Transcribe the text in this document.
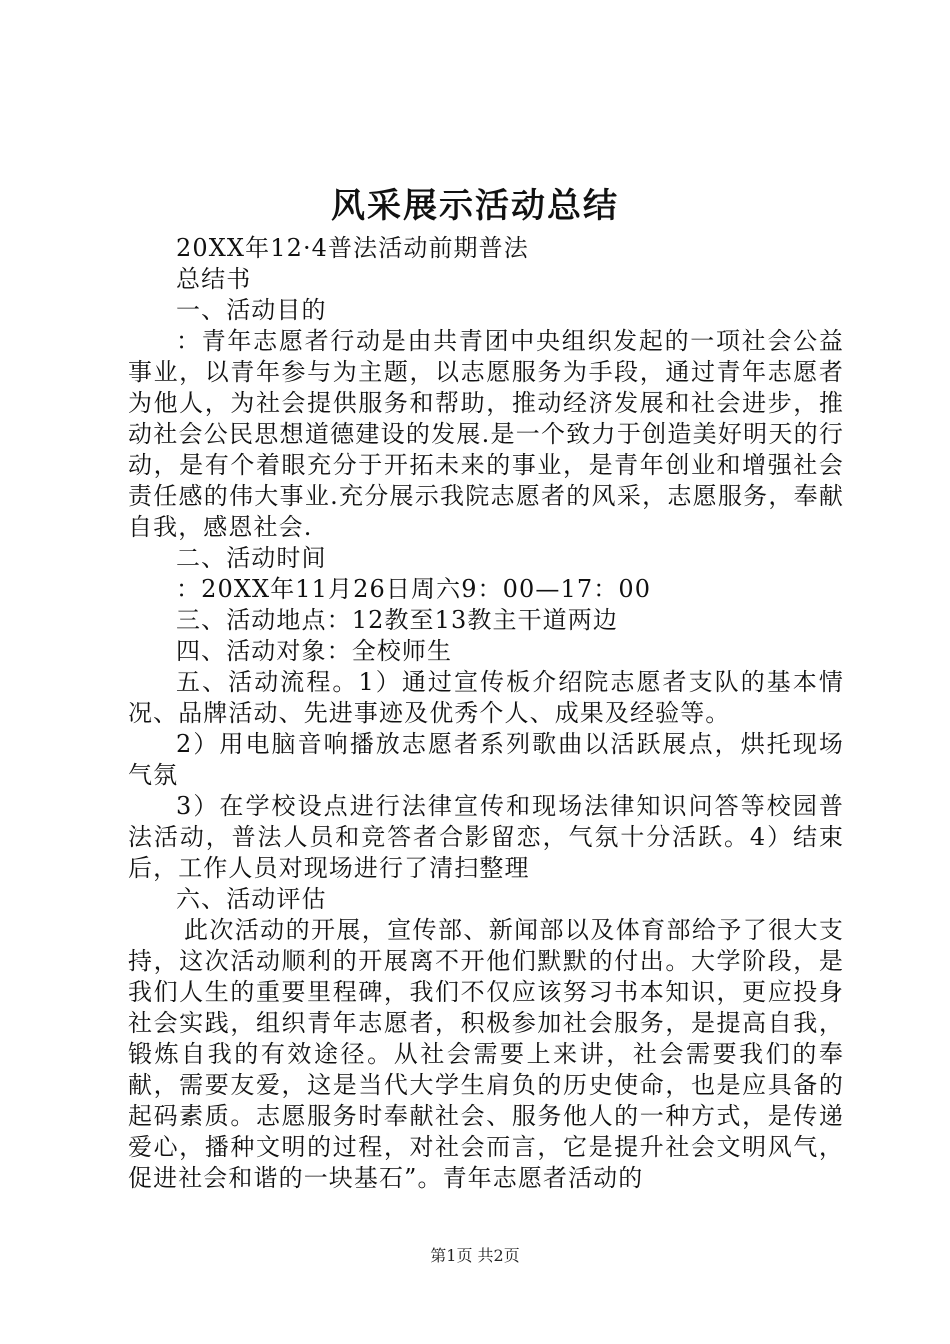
风采展示活动总结

20XX年12·4普法活动前期普法

总结书

一、活动目的

：青年志愿者行动是由共青团中央组织发起的一项社会公益事业，以青年参与为主题，以志愿服务为手段，通过青年志愿者为他人，为社会提供服务和帮助，推动经济发展和社会进步，推动社会公民思想道德建设的发展.是一个致力于创造美好明天的行动，是有个着眼充分于开拓未来的事业，是青年创业和增强社会责任感的伟大事业.充分展示我院志愿者的风采，志愿服务，奉献自我，感恩社会.

二、活动时间

：20XX年11月26日周六9：00—17：00

三、活动地点：12教至13教主干道两边

四、活动对象：全校师生

五、活动流程。1）通过宣传板介绍院志愿者支队的基本情况、品牌活动、先进事迹及优秀个人、成果及经验等。

2）用电脑音响播放志愿者系列歌曲以活跃展点，烘托现场气氛

3）在学校设点进行法律宣传和现场法律知识问答等校园普法活动，普法人员和竞答者合影留恋，气氛十分活跃。4）结束后，工作人员对现场进行了清扫整理

六、活动评估

此次活动的开展，宣传部、新闻部以及体育部给予了很大支持，这次活动顺利的开展离不开他们默默的付出。大学阶段，是我们人生的重要里程碑，我们不仅应该努习书本知识，更应投身社会实践，组织青年志愿者，积极参加社会服务，是提高自我，锻炼自我的有效途径。从社会需要上来讲，社会需要我们的奉献，需要友爱，这是当代大学生肩负的历史使命，也是应具备的起码素质。志愿服务时奉献社会、服务他人的一种方式，是传递爱心，播种文明的过程，对社会而言，它是提升社会文明风气，促进社会和谐的一块基石”。青年志愿者活动的

第1页 共2页
